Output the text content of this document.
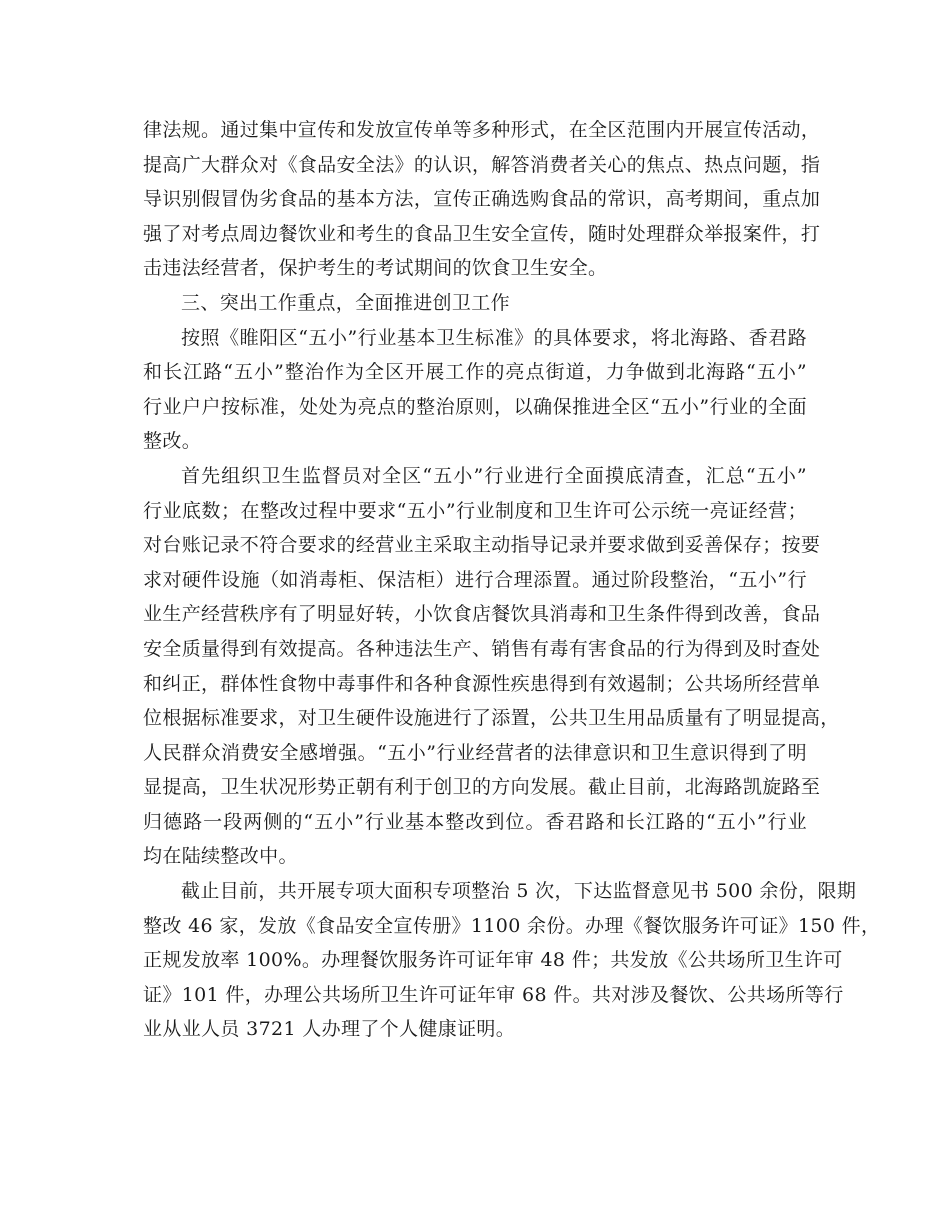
律法规。通过集中宣传和发放宣传单等多种形式，在全区范围内开展宣传活动，
提高广大群众对《食品安全法》的认识，解答消费者关心的焦点、热点问题，指
导识别假冒伪劣食品的基本方法，宣传正确选购食品的常识，高考期间，重点加
强了对考点周边餐饮业和考生的食品卫生安全宣传，随时处理群众举报案件，打
击违法经营者，保护考生的考试期间的饮食卫生安全。
三、突出工作重点，全面推进创卫工作
按照《睢阳区“五小”行业基本卫生标准》的具体要求，将北海路、香君路
和长江路“五小”整治作为全区开展工作的亮点街道，力争做到北海路“五小”
行业户户按标准，处处为亮点的整治原则，以确保推进全区“五小”行业的全面
整改。
首先组织卫生监督员对全区“五小”行业进行全面摸底清查，汇总“五小”
行业底数；在整改过程中要求“五小”行业制度和卫生许可公示统一亮证经营；
对台账记录不符合要求的经营业主采取主动指导记录并要求做到妥善保存；按要
求对硬件设施（如消毒柜、保洁柜）进行合理添置。通过阶段整治，“五小”行
业生产经营秩序有了明显好转，小饮食店餐饮具消毒和卫生条件得到改善，食品
安全质量得到有效提高。各种违法生产、销售有毒有害食品的行为得到及时查处
和纠正，群体性食物中毒事件和各种食源性疾患得到有效遏制；公共场所经营单
位根据标准要求，对卫生硬件设施进行了添置，公共卫生用品质量有了明显提高，
人民群众消费安全感增强。“五小”行业经营者的法律意识和卫生意识得到了明
显提高，卫生状况形势正朝有利于创卫的方向发展。截止目前，北海路凯旋路至
归德路一段两侧的“五小”行业基本整改到位。香君路和长江路的“五小”行业
均在陆续整改中。
截止目前，共开展专项大面积专项整治 5 次，下达监督意见书 500 余份，限期
整改 46 家，发放《食品安全宣传册》1100 余份。办理《餐饮服务许可证》150 件，
正规发放率 100%。办理餐饮服务许可证年审 48 件；共发放《公共场所卫生许可
证》101 件，办理公共场所卫生许可证年审 68 件。共对涉及餐饮、公共场所等行
业从业人员 3721 人办理了个人健康证明。
